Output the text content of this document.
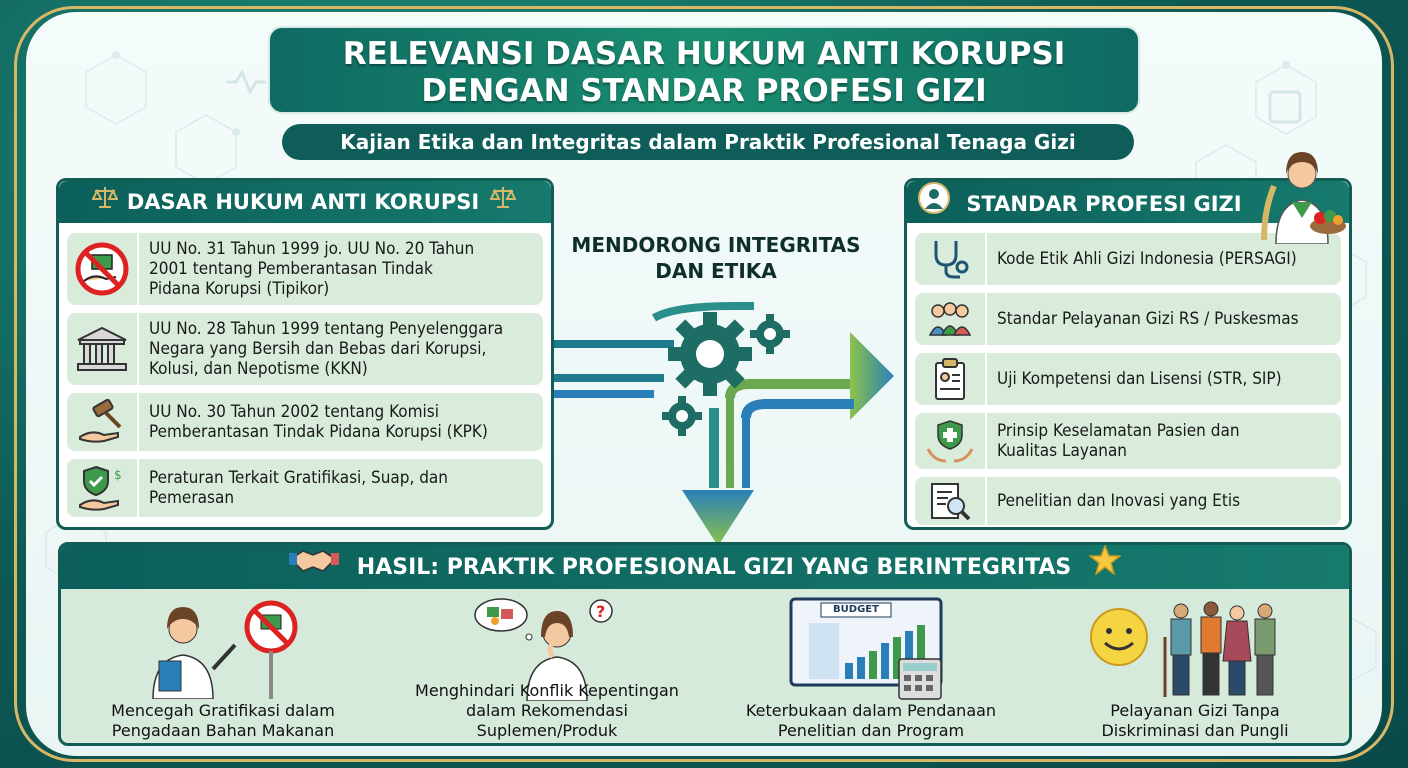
RELEVANSI DASAR HUKUM ANTI KORUPSI
DENGAN STANDAR PROFESI GIZI
Kajian Etika dan Integritas dalam Praktik Profesional Tenaga Gizi
DASAR HUKUM ANTI KORUPSI
UU No. 31 Tahun 1999 jo. UU No. 20 Tahun
2001 tentang Pemberantasan Tindak
Pidana Korupsi (Tipikor)
UU No. 28 Tahun 1999 tentang Penyelenggara
Negara yang Bersih dan Bebas dari Korupsi,
Kolusi, dan Nepotisme (KKN)
UU No. 30 Tahun 2002 tentang Komisi
Pemberantasan Tindak Pidana Korupsi (KPK)
$ Peraturan Terkait Gratifikasi, Suap, dan
Pemerasan
MENDORONG INTEGRITAS
DAN ETIKA
STANDAR PROFESI GIZI
Kode Etik Ahli Gizi Indonesia (PERSAGI)
Standar Pelayanan Gizi RS / Puskesmas
Uji Kompetensi dan Lisensi (STR, SIP)
Prinsip Keselamatan Pasien dan
Kualitas Layanan
Penelitian dan Inovasi yang Etis
HASIL: PRAKTIK PROFESIONAL GIZI YANG BERINTEGRITAS
Mencegah Gratifikasi dalam
Pengadaan Bahan Makanan
?
Menghindari Konflik Kepentingan
dalam Rekomendasi Suplemen/Produk
BUDGET
Keterbukaan dalam Pendanaan
Penelitian dan Program
Pelayanan Gizi Tanpa
Diskriminasi dan Pungli
